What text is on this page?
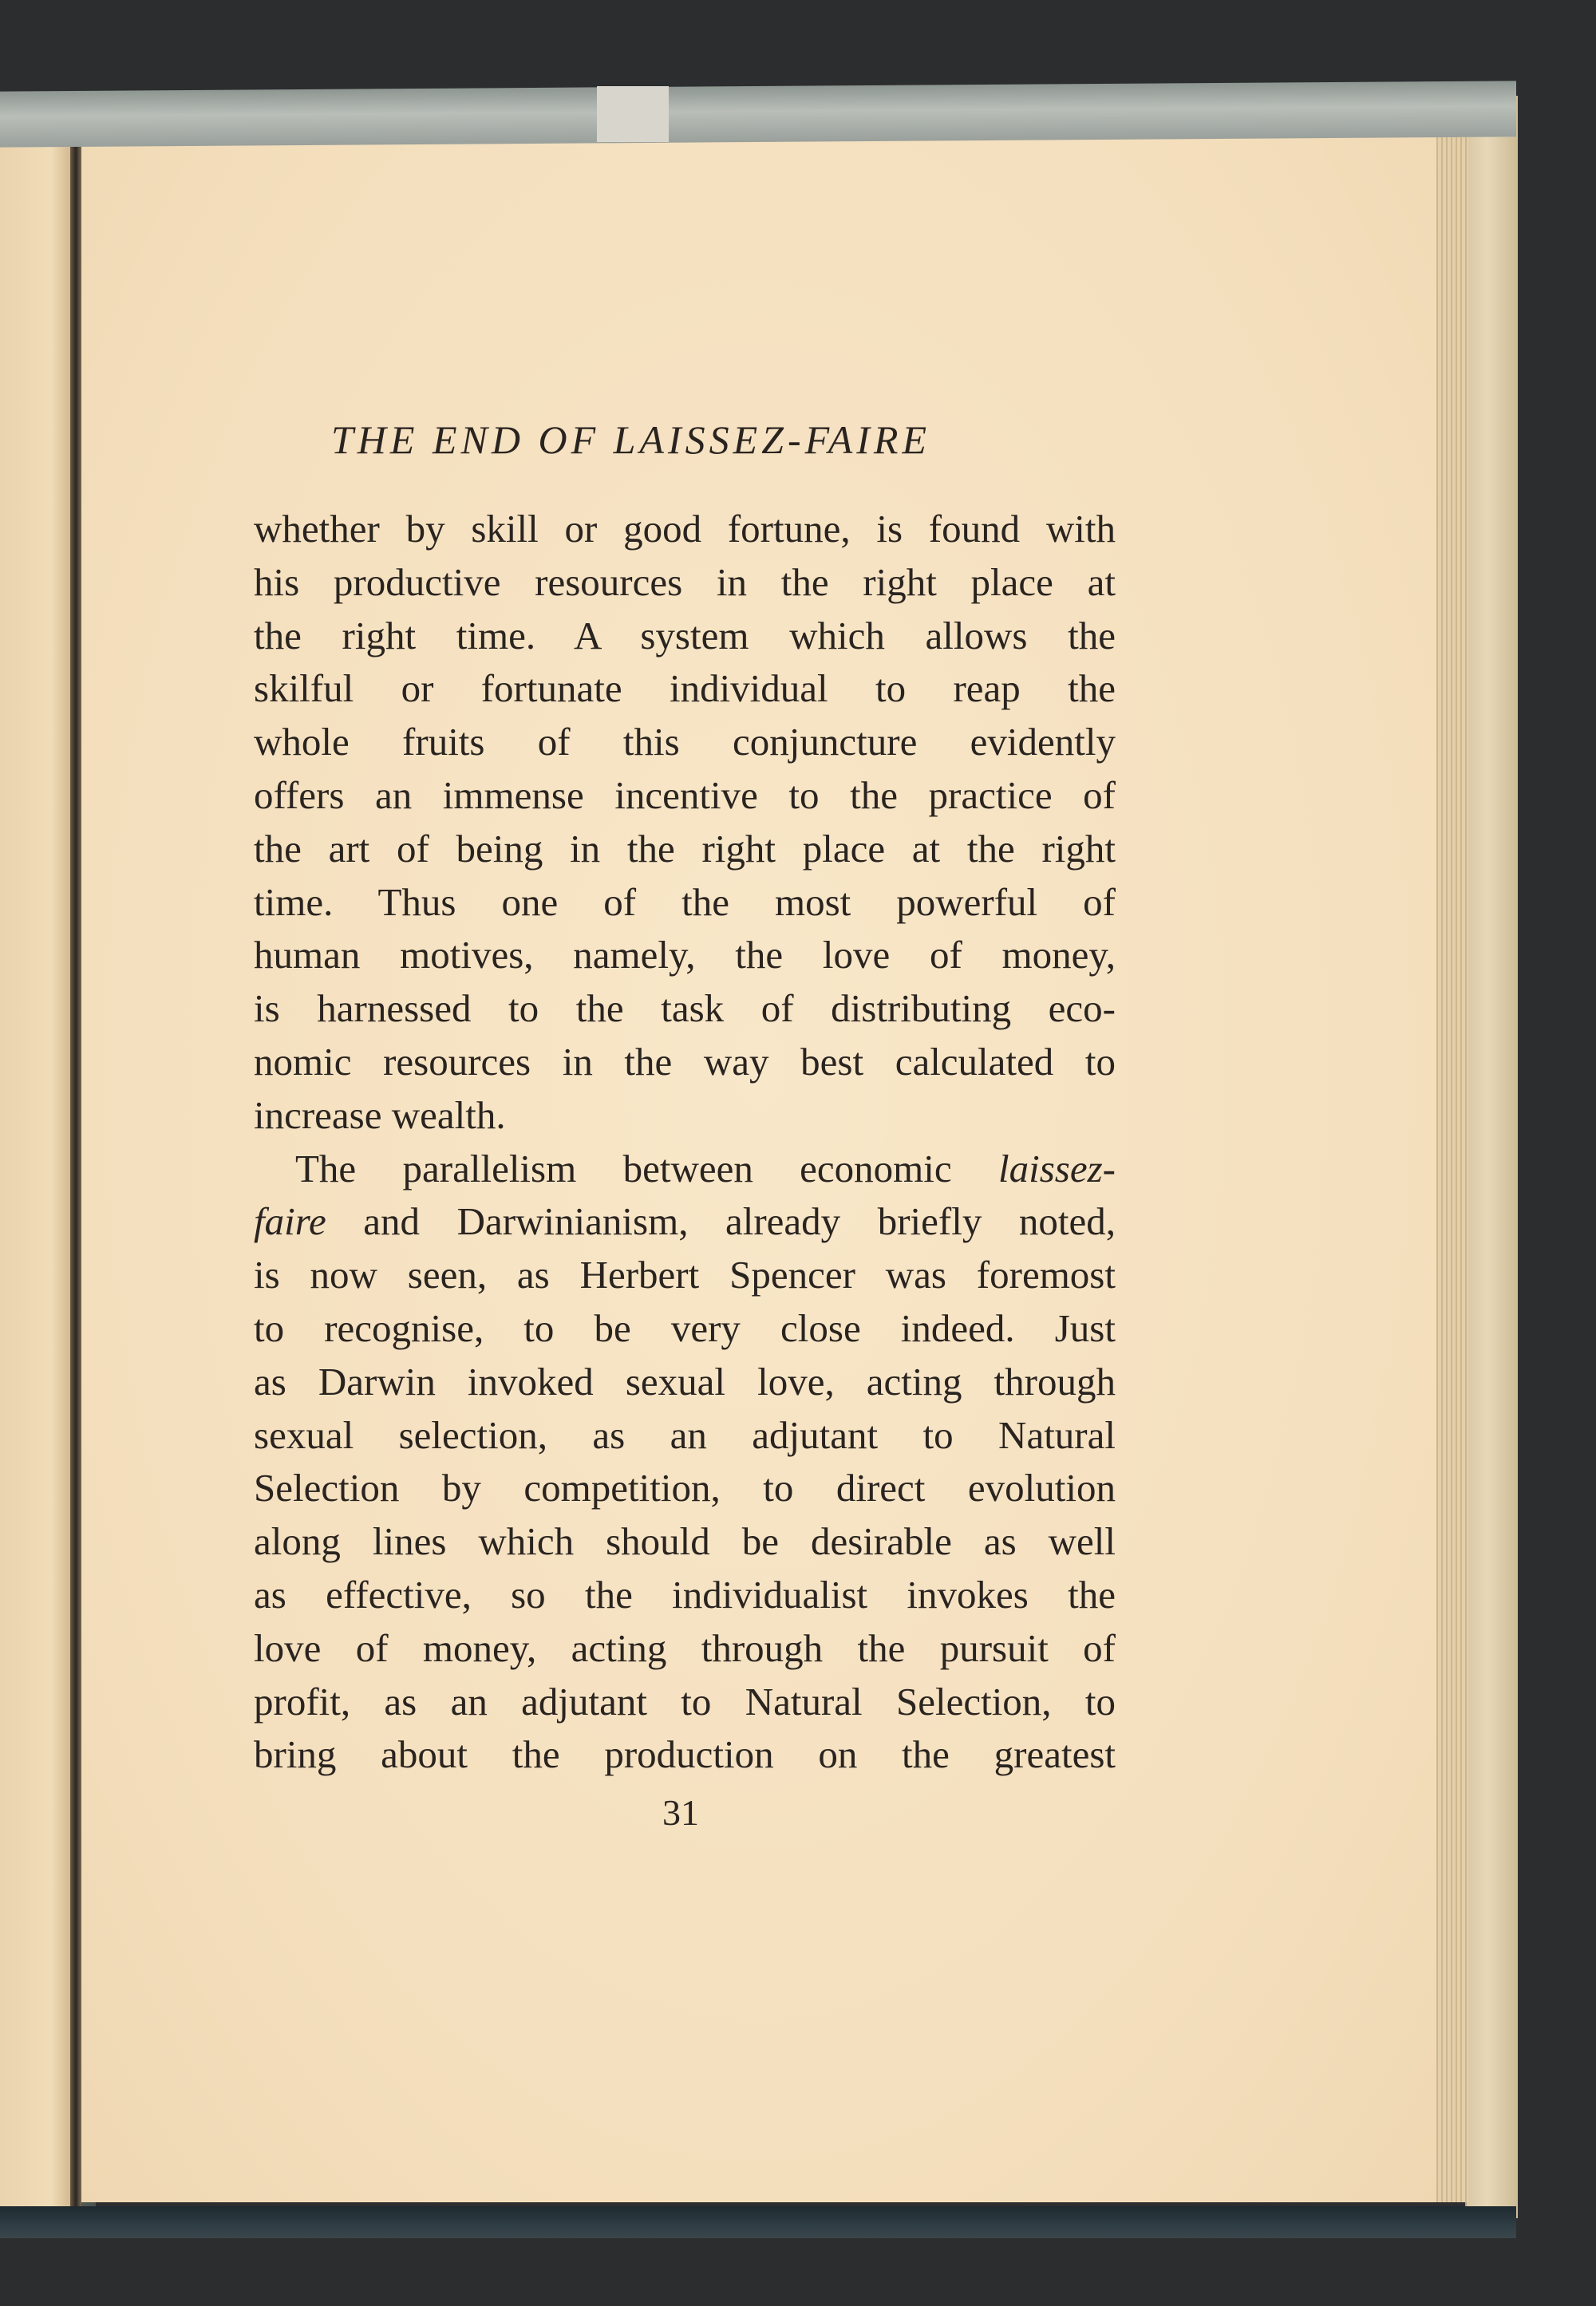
THE END OF LAISSEZ-FAIRE
whether by skill or good fortune, is found with
his productive resources in the right place at
the right time. A system which allows the
skilful or fortunate individual to reap the
whole fruits of this conjuncture evidently
offers an immense incentive to the practice of
the art of being in the right place at the right
time. Thus one of the most powerful of
human motives, namely, the love of money,
is harnessed to the task of distributing eco-
nomic resources in the way best calculated to
increase wealth.
The parallelism between economic laissez-
faire and Darwinianism, already briefly noted,
is now seen, as Herbert Spencer was foremost
to recognise, to be very close indeed. Just
as Darwin invoked sexual love, acting through
sexual selection, as an adjutant to Natural
Selection by competition, to direct evolution
along lines which should be desirable as well
as effective, so the individualist invokes the
love of money, acting through the pursuit of
profit, as an adjutant to Natural Selection, to
bring about the production on the greatest
31
